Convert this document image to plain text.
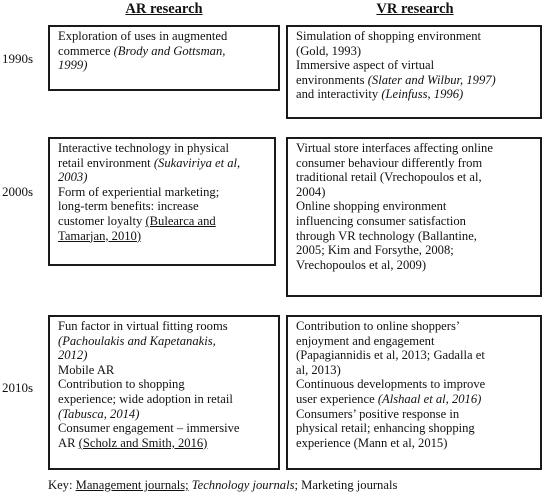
AR research	VR research
1990s
2000s
2010s
Exploration of uses in augmented
commerce (Brody and Gottsman,
1999)
Simulation of shopping environment
(Gold, 1993)
Immersive aspect of virtual
environments (Slater and Wilbur, 1997)
and interactivity (Leinfuss, 1996)
Interactive technology in physical
retail environment (Sukaviriya et al,
2003)
Form of experiential marketing;
long-term benefits: increase
customer loyalty (Bulearca and
Tamarjan, 2010)
Virtual store interfaces affecting online
consumer behaviour differently from
traditional retail (Vrechopoulos et al,
2004)
Online shopping environment
influencing consumer satisfaction
through VR technology (Ballantine,
2005; Kim and Forsythe, 2008;
Vrechopoulos et al, 2009)
Fun factor in virtual fitting rooms
(Pachoulakis and Kapetanakis,
2012)
Mobile AR
Contribution to shopping
experience; wide adoption in retail
(Tabusca, 2014)
Consumer engagement – immersive
AR (Scholz and Smith, 2016)
Contribution to online shoppers’
enjoyment and engagement
(Papagiannidis et al, 2013; Gadalla et
al, 2013)
Continuous developments to improve
user experience (Alshaal et al, 2016)
Consumers’ positive response in
physical retail; enhancing shopping
experience (Mann et al, 2015)
Key: Management journals; Technology journals; Marketing journals
